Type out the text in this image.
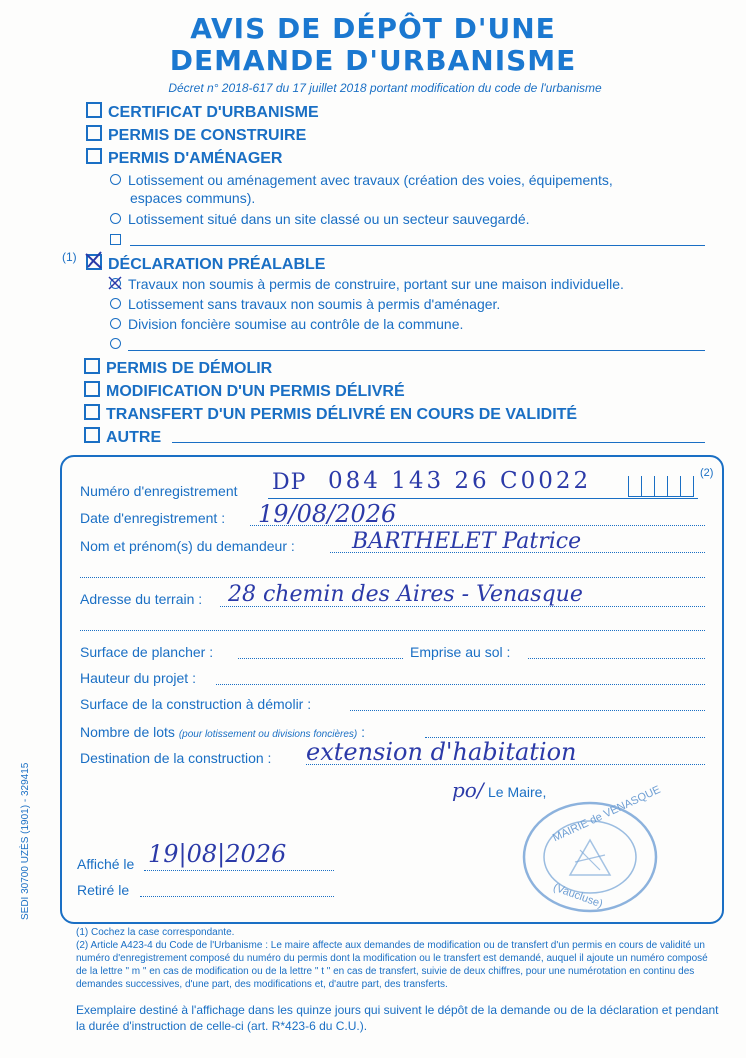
AVIS DE DÉPÔT D'UNE
DEMANDE D'URBANISME
Décret n° 2018-617 du 17 juillet 2018 portant modification du code de l'urbanisme
CERTIFICAT D'URBANISME
PERMIS DE CONSTRUIRE
PERMIS D'AMÉNAGER
Lotissement ou aménagement avec travaux (création des voies, équipements,
espaces communs).
Lotissement situé dans un site classé ou un secteur sauvegardé.
(1)	DÉCLARATION PRÉALABLE
Travaux non soumis à permis de construire, portant sur une maison individuelle.
Lotissement sans travaux non soumis à permis d'aménager.
Division foncière soumise au contrôle de la commune.
PERMIS DE DÉMOLIR
MODIFICATION D'UN PERMIS DÉLIVRÉ
TRANSFERT D'UN PERMIS DÉLIVRÉ EN COURS DE VALIDITÉ
AUTRE
(2)
Numéro d'enregistrement DP 084 143 26 C0022
Date d'enregistrement : 19/08/2026
Nom et prénom(s) du demandeur :	BARTHELET Patrice
Adresse du terrain : 28 chemin des Aires - Venasque
Surface de plancher :	Emprise au sol :
Hauteur du projet :
Surface de la construction à démolir :
Nombre de lots (pour lotissement ou divisions foncières) :
Destination de la construction : extension d'habitation
po/ Le Maire, MAIRIE de VENASQUE
(Vaucluse)
Affiché le 19|08|2026
Retiré le
(1) Cochez la case correspondante.
(2) Article A423-4 du Code de l'Urbanisme : Le maire affecte aux demandes de modification ou de transfert d'un permis en cours de validité un numéro d'enregistrement composé du numéro du permis dont la modification ou le transfert est demandé, auquel il ajoute un numéro composé de la lettre " m " en cas de modification ou de la lettre " t " en cas de transfert, suivie de deux chiffres, pour une numérotation en continu des demandes successives, d'une part, des modifications et, d'autre part, des transferts.
Exemplaire destiné à l'affichage dans les quinze jours qui suivent le dépôt de la demande ou de la déclaration et pendant la durée d'instruction de celle-ci (art. R*423-6 du C.U.).
SEDI 30700 UZÈS (1901) - 329415
